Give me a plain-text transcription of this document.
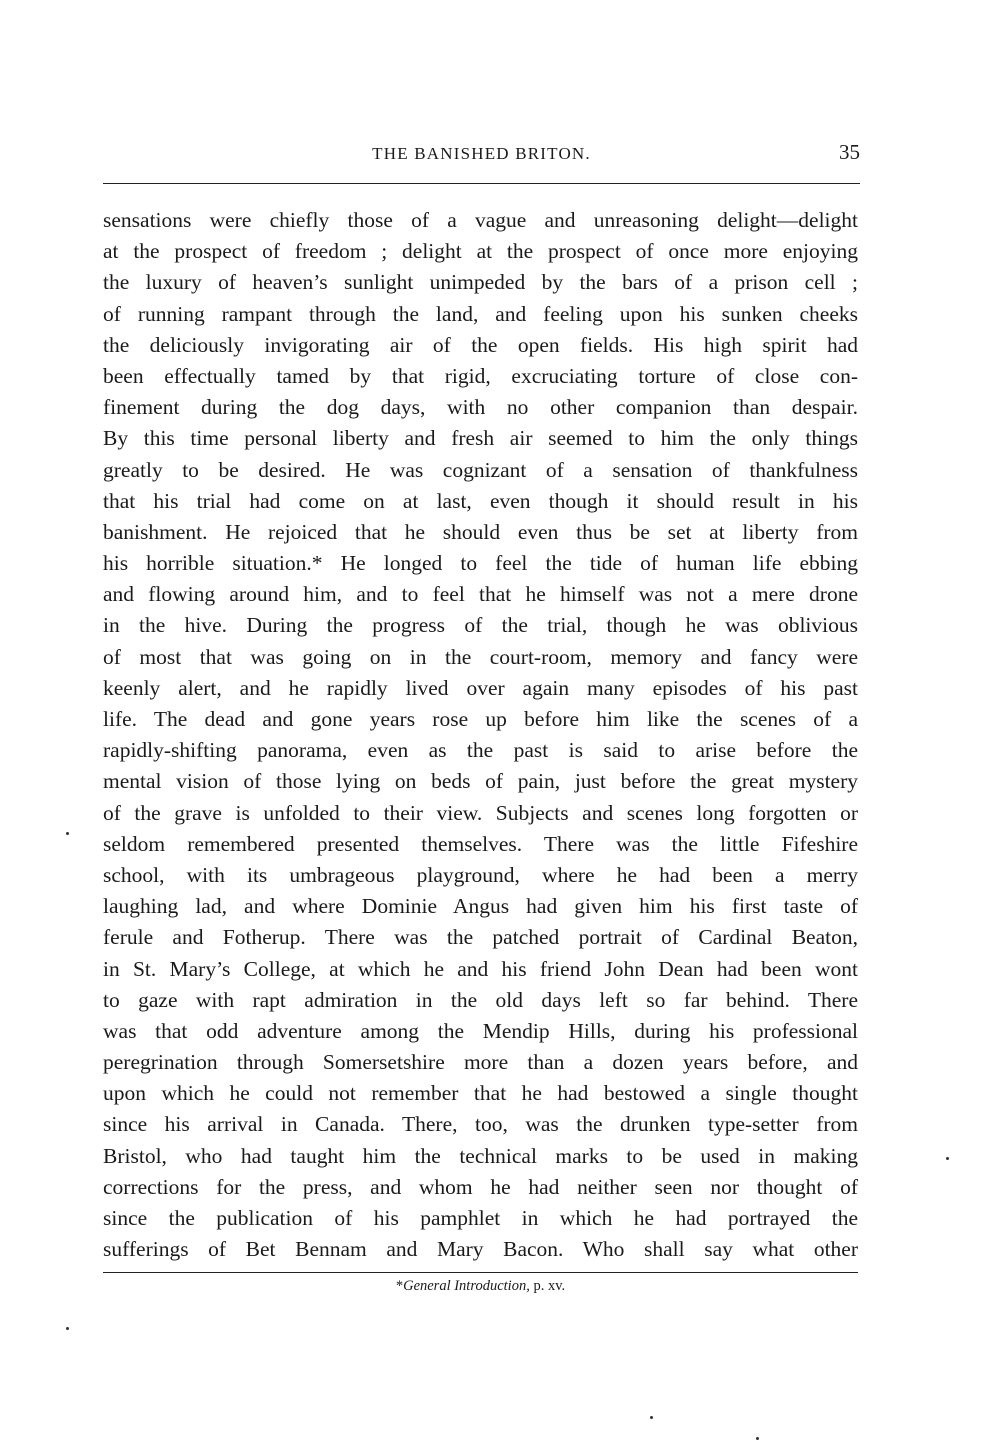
THE BANISHED BRITON.	35
sensations were chiefly those of a vague and unreasoning delight—delight
at the prospect of freedom ; delight at the prospect of once more enjoying
the luxury of heaven’s sunlight unimpeded by the bars of a prison cell ;
of running rampant through the land, and feeling upon his sunken cheeks
the deliciously invigorating air of the open fields. His high spirit had
been effectually tamed by that rigid, excruciating torture of close con-
finement during the dog days, with no other companion than despair.
By this time personal liberty and fresh air seemed to him the only things
greatly to be desired. He was cognizant of a sensation of thankfulness
that his trial had come on at last, even though it should result in his
banishment. He rejoiced that he should even thus be set at liberty from
his horrible situation.* He longed to feel the tide of human life ebbing
and flowing around him, and to feel that he himself was not a mere drone
in the hive. During the progress of the trial, though he was oblivious
of most that was going on in the court-room, memory and fancy were
keenly alert, and he rapidly lived over again many episodes of his past
life. The dead and gone years rose up before him like the scenes of a
rapidly-shifting panorama, even as the past is said to arise before the
mental vision of those lying on beds of pain, just before the great mystery
of the grave is unfolded to their view. Subjects and scenes long forgotten or
seldom remembered presented themselves. There was the little Fifeshire
school, with its umbrageous playground, where he had been a merry
laughing lad, and where Dominie Angus had given him his first taste of
ferule and Fotherup. There was the patched portrait of Cardinal Beaton,
in St. Mary’s College, at which he and his friend John Dean had been wont
to gaze with rapt admiration in the old days left so far behind. There
was that odd adventure among the Mendip Hills, during his professional
peregrination through Somersetshire more than a dozen years before, and
upon which he could not remember that he had bestowed a single thought
since his arrival in Canada. There, too, was the drunken type-setter from
Bristol, who had taught him the technical marks to be used in making
corrections for the press, and whom he had neither seen nor thought of
since the publication of his pamphlet in which he had portrayed the
sufferings of Bet Bennam and Mary Bacon. Who shall say what other
*General Introduction, p. xv.
